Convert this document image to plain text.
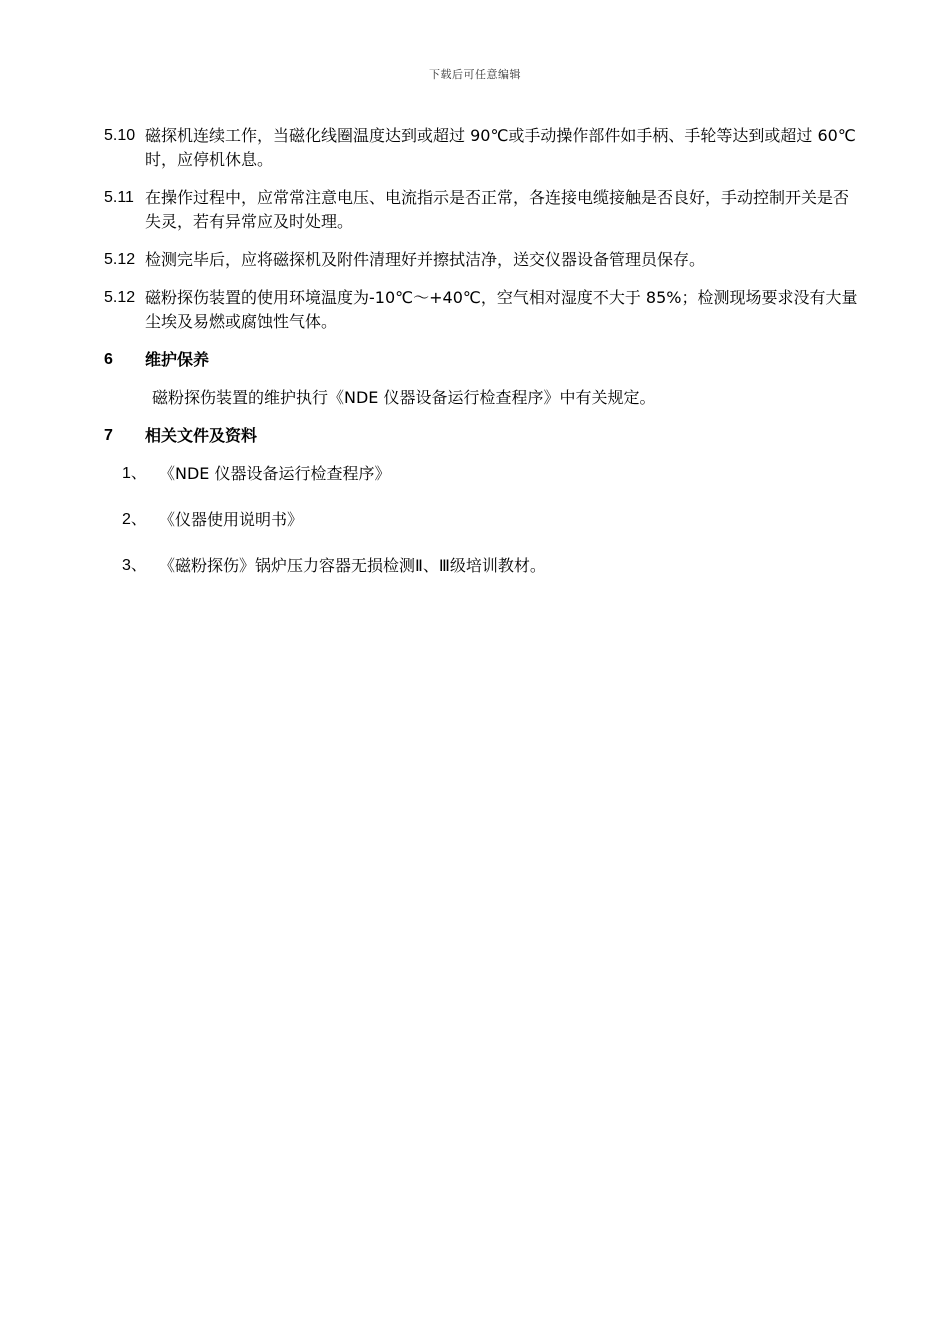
下载后可任意编辑
5.10 磁探机连续工作，当磁化线圈温度达到或超过 90℃或手动操作部件如手柄、手轮等达到或超过 60℃时，应停机休息。
5.11 在操作过程中，应常常注意电压、电流指示是否正常，各连接电缆接触是否良好，手动控制开关是否失灵，若有异常应及时处理。
5.12 检测完毕后，应将磁探机及附件清理好并擦拭洁净，送交仪器设备管理员保存。
5.12 磁粉探伤装置的使用环境温度为-10℃～+40℃，空气相对湿度不大于 85%；检测现场要求没有大量尘埃及易燃或腐蚀性气体。
6 维护保养
磁粉探伤装置的维护执行《NDE 仪器设备运行检查程序》中有关规定。
7 相关文件及资料
1、 《NDE 仪器设备运行检查程序》
2、 《仪器使用说明书》
3、 《磁粉探伤》锅炉压力容器无损检测Ⅱ、Ⅲ级培训教材。
